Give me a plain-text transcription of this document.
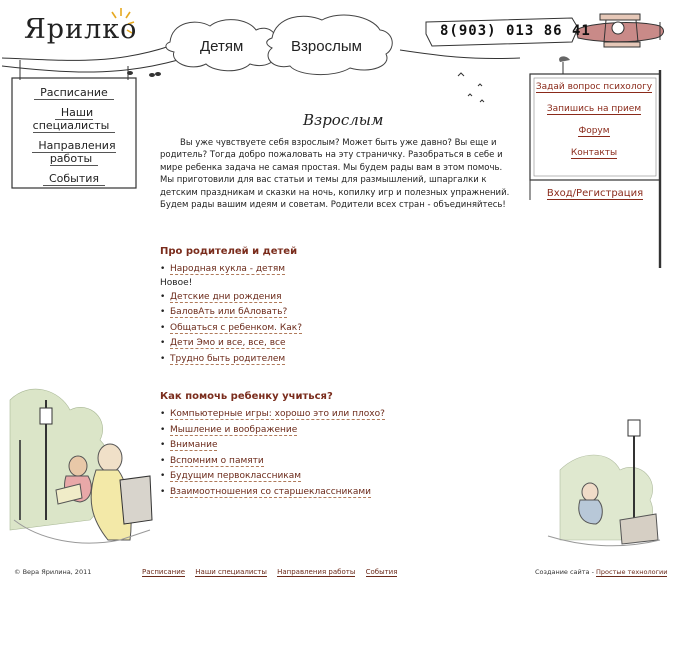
Ярилко
Детям	Взрослым
8(903) 013 86 41
Расписание
Наши специалисты
Направления работы
События
Задай вопрос психологу
Запишись на прием
Форум
Контакты
Вход/Регистрация
Взрослым
Вы уже чувствуете себя взрослым? Может быть уже давно? Вы еще и родитель? Тогда добро пожаловать на эту страничку. Разобраться в себе и мире ребенка задача не самая простая. Мы будем рады вам в этом помочь. Мы приготовили для вас статьи и темы для размышлений, шпаргалки к детским праздникам и сказки на ночь, копилку игр и полезных упражнений. Будем рады вашим идеям и советам. Родители всех стран - объединяйтесь!
Про родителей и детей
• Народная кукла - детям
Новое!
• Детские дни рождения
• БаловАть или бАловать?
• Общаться с ребенком. Как?
• Дети Эмо и все, все, все
• Трудно быть родителем
Как помочь ребенку учиться?
• Компьютерные игры: хорошо это или плохо?
• Мышление и воображение
• Внимание
• Вспомним о памяти
• Будущим первоклассникам
• Взаимоотношения со старшеклассниками
© Вера Ярилина, 2011	Расписание Наши специалисты Направления работы События	Создание сайта - Простые технологии
